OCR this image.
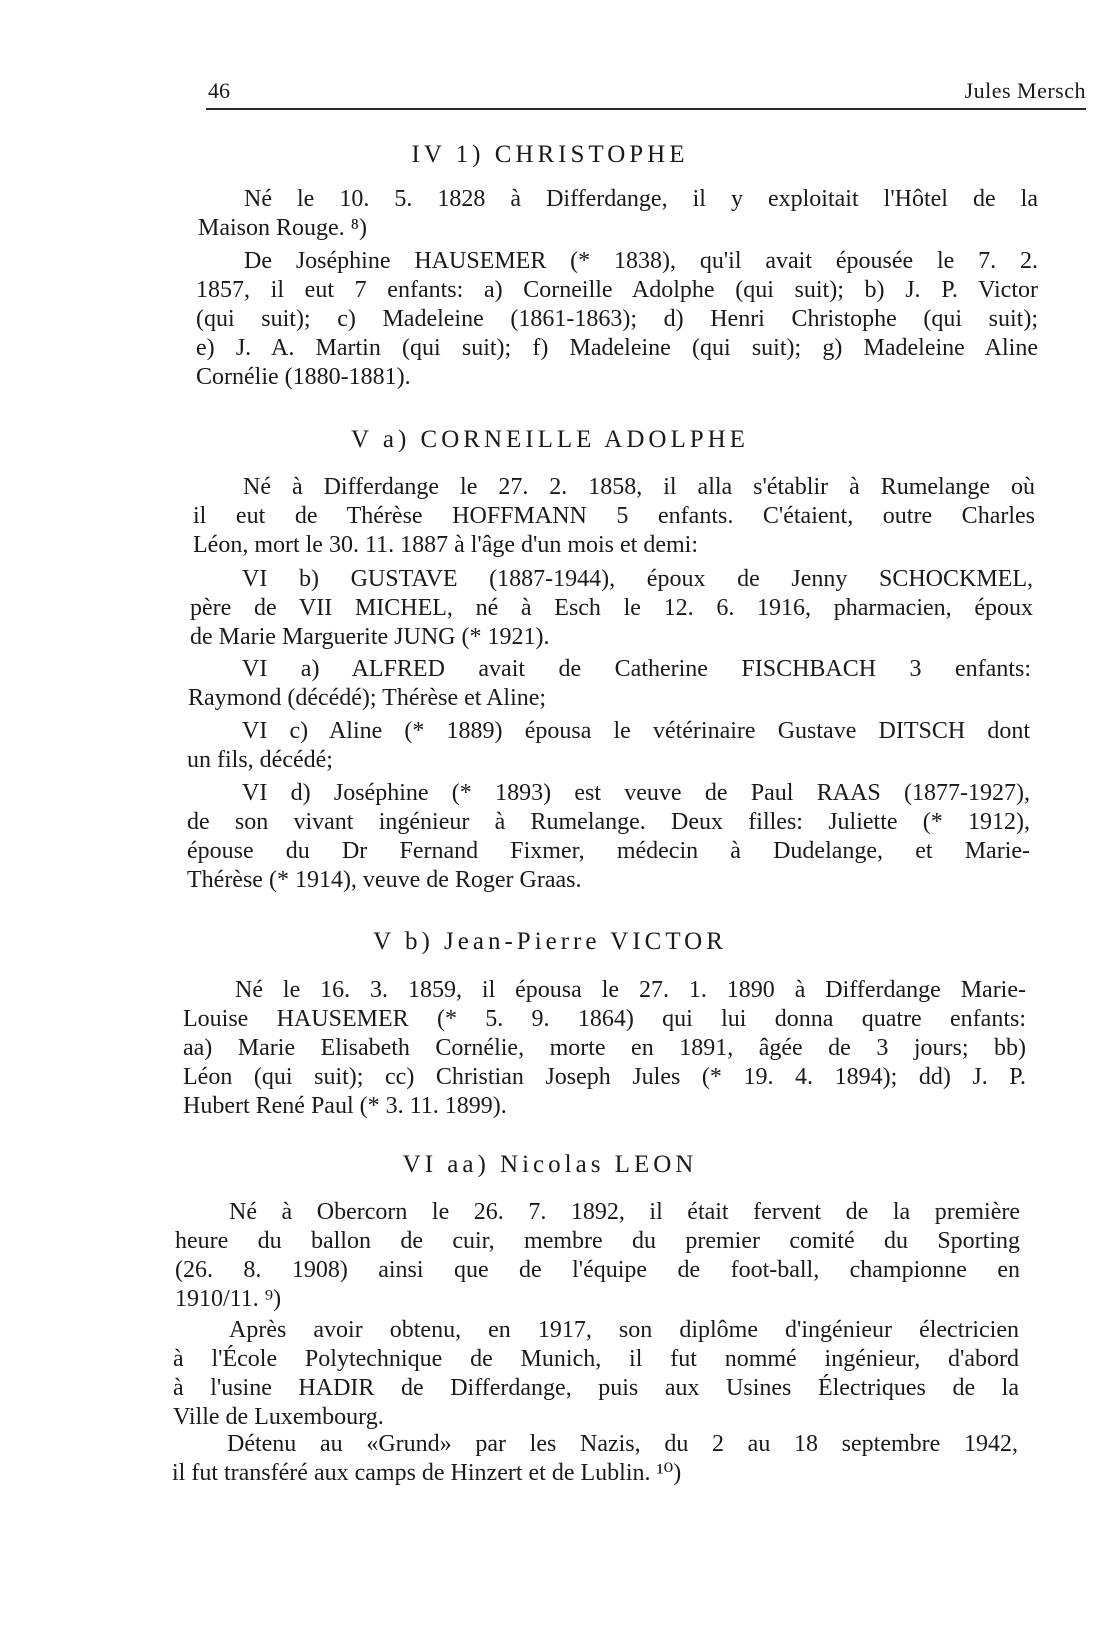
46	Jules Mersch
IV 1) CHRISTOPHE
Né le 10. 5. 1828 à Differdange, il y exploitait l'Hôtel de la
Maison Rouge. ⁸)
De Joséphine HAUSEMER (* 1838), qu'il avait épousée le 7. 2.
1857, il eut 7 enfants: a) Corneille Adolphe (qui suit); b) J. P. Victor
(qui suit); c) Madeleine (1861-1863); d) Henri Christophe (qui suit);
e) J. A. Martin (qui suit); f) Madeleine (qui suit); g) Madeleine Aline
Cornélie (1880-1881).
V a) CORNEILLE ADOLPHE
Né à Differdange le 27. 2. 1858, il alla s'établir à Rumelange où
il eut de Thérèse HOFFMANN 5 enfants. C'étaient, outre Charles
Léon, mort le 30. 11. 1887 à l'âge d'un mois et demi:
VI b) GUSTAVE (1887-1944), époux de Jenny SCHOCKMEL,
père de VII MICHEL, né à Esch le 12. 6. 1916, pharmacien, époux
de Marie Marguerite JUNG (* 1921).
VI a) ALFRED avait de Catherine FISCHBACH 3 enfants:
Raymond (décédé); Thérèse et Aline;
VI c) Aline (* 1889) épousa le vétérinaire Gustave DITSCH dont
un fils, décédé;
VI d) Joséphine (* 1893) est veuve de Paul RAAS (1877-1927),
de son vivant ingénieur à Rumelange. Deux filles: Juliette (* 1912),
épouse du Dr Fernand Fixmer, médecin à Dudelange, et Marie-
Thérèse (* 1914), veuve de Roger Graas.
V b) Jean-Pierre VICTOR
Né le 16. 3. 1859, il épousa le 27. 1. 1890 à Differdange Marie-
Louise HAUSEMER (* 5. 9. 1864) qui lui donna quatre enfants:
aa) Marie Elisabeth Cornélie, morte en 1891, âgée de 3 jours; bb)
Léon (qui suit); cc) Christian Joseph Jules (* 19. 4. 1894); dd) J. P.
Hubert René Paul (* 3. 11. 1899).
VI aa) Nicolas LEON
Né à Obercorn le 26. 7. 1892, il était fervent de la première
heure du ballon de cuir, membre du premier comité du Sporting
(26. 8. 1908) ainsi que de l'équipe de foot-ball, championne en
1910/11. ⁹)
Après avoir obtenu, en 1917, son diplôme d'ingénieur électricien
à l'École Polytechnique de Munich, il fut nommé ingénieur, d'abord
à l'usine HADIR de Differdange, puis aux Usines Électriques de la
Ville de Luxembourg.
Détenu au «Grund» par les Nazis, du 2 au 18 septembre 1942,
il fut transféré aux camps de Hinzert et de Lublin. ¹⁰)
